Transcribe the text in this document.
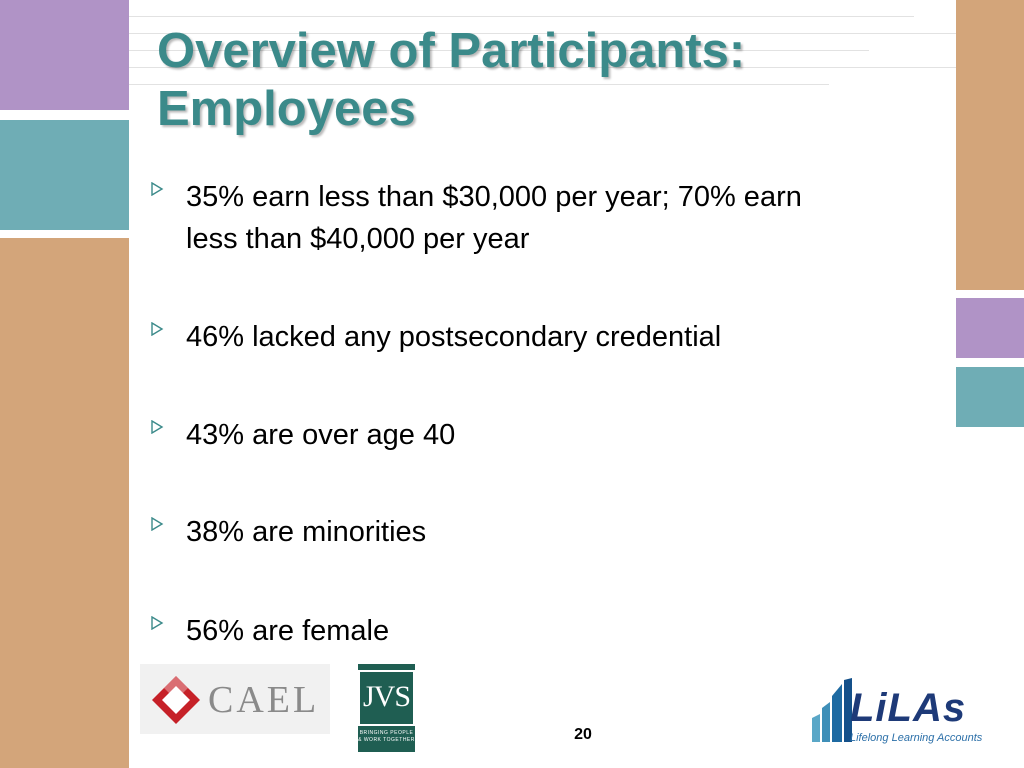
Overview of Participants:
Employees
35% earn less than $30,000 per year; 70% earn
less than $40,000 per year
46% lacked any postsecondary credential
43% are over age 40
38% are minorities
56% are female
CAEL JVS
BRINGING PEOPLE
& WORK TOGETHER	20
LiLAs
Lifelong Learning Accounts
